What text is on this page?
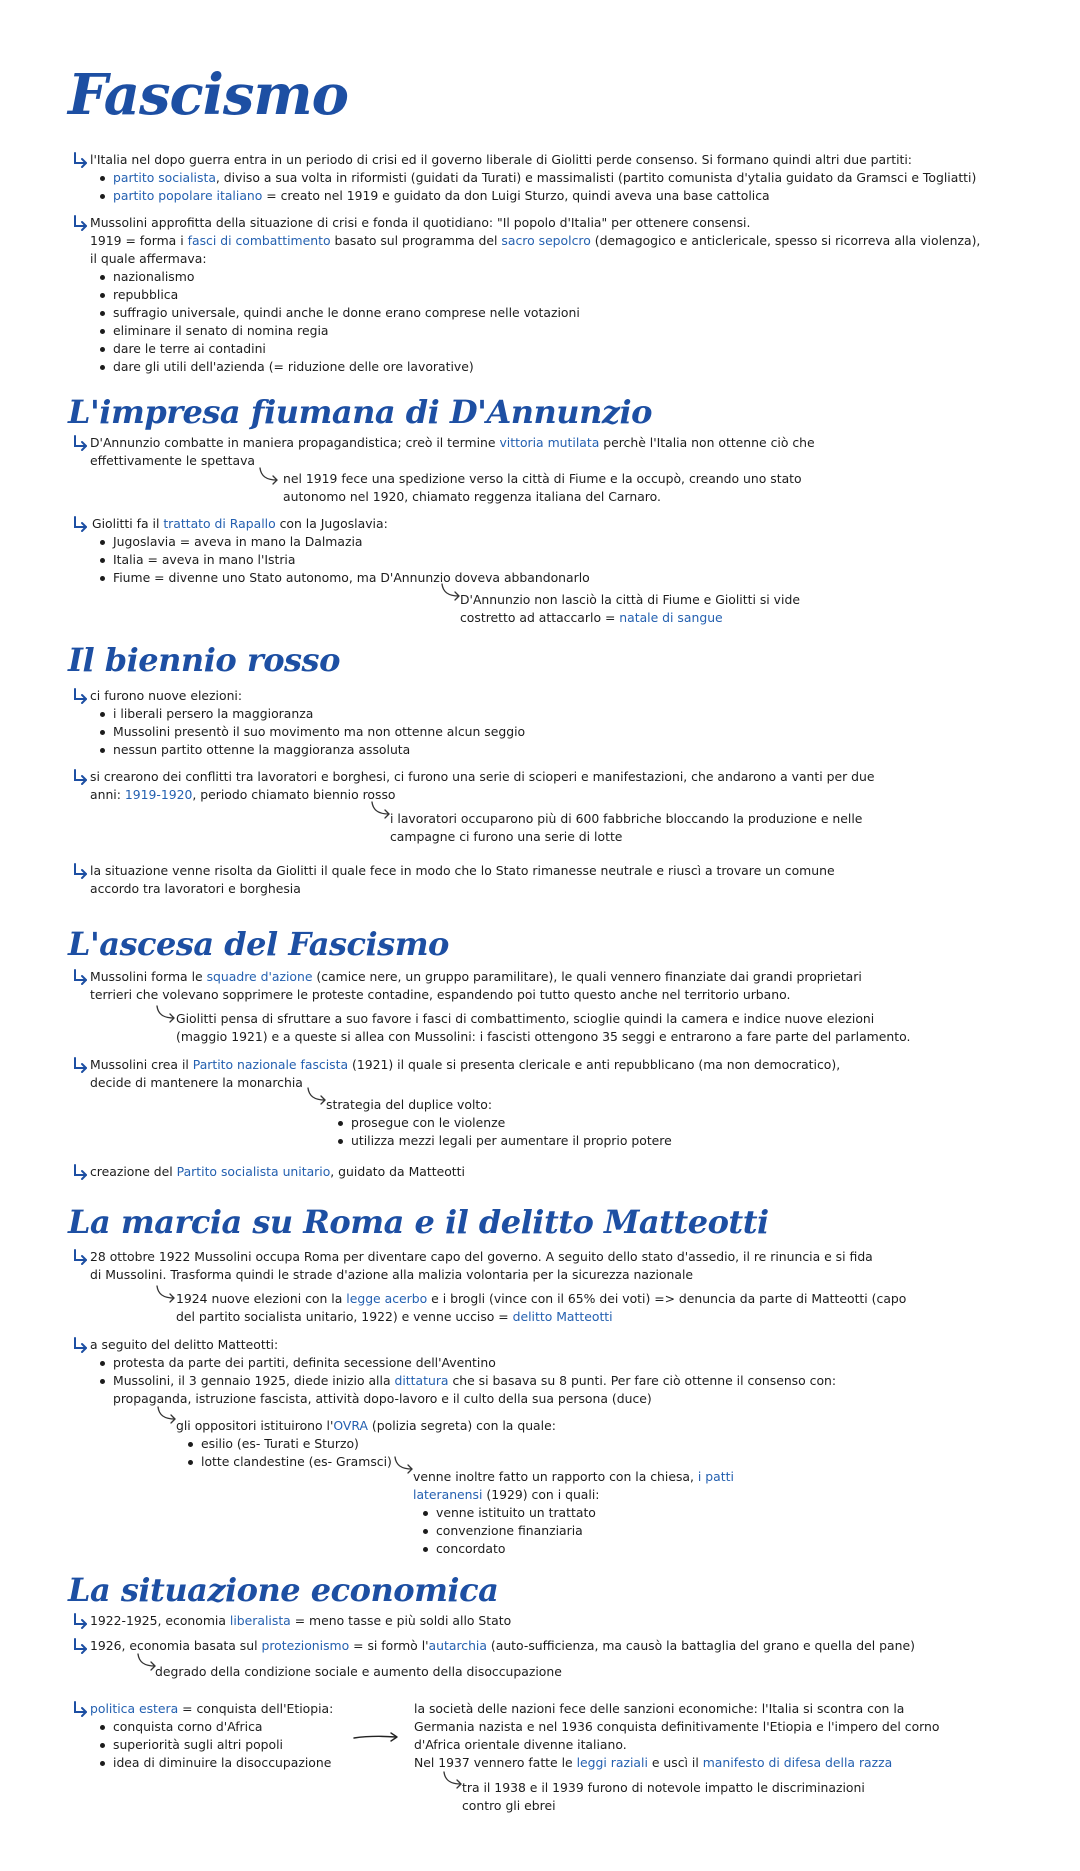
Fascismo
l'Italia nel dopo guerra entra in un periodo di crisi ed il governo liberale di Giolitti perde consenso. Si formano quindi altri due partiti:
partito socialista, diviso a sua volta in riformisti (guidati da Turati) e massimalisti (partito comunista d'ytalia guidato da Gramsci e Togliatti)
partito popolare italiano = creato nel 1919 e guidato da don Luigi Sturzo, quindi aveva una base cattolica
Mussolini approfitta della situazione di crisi e fonda il quotidiano: "Il popolo d'Italia" per ottenere consensi.
1919 = forma i fasci di combattimento basato sul programma del sacro sepolcro (demagogico e anticlericale, spesso si ricorreva alla violenza),
il quale affermava:
nazionalismo
repubblica
suffragio universale, quindi anche le donne erano comprese nelle votazioni
eliminare il senato di nomina regia
dare le terre ai contadini
dare gli utili dell'azienda (= riduzione delle ore lavorative)
L'impresa fiumana di D'Annunzio
D'Annunzio combatte in maniera propagandistica; creò il termine vittoria mutilata perchè l'Italia non ottenne ciò che
effettivamente le spettava
nel 1919 fece una spedizione verso la città di Fiume e la occupò, creando uno stato
autonomo nel 1920, chiamato reggenza italiana del Carnaro.
Giolitti fa il trattato di Rapallo con la Jugoslavia:
Jugoslavia = aveva in mano la Dalmazia
Italia = aveva in mano l'Istria
Fiume = divenne uno Stato autonomo, ma D'Annunzio doveva abbandonarlo
D'Annunzio non lasciò la città di Fiume e Giolitti si vide
costretto ad attaccarlo = natale di sangue
Il biennio rosso
ci furono nuove elezioni:
i liberali persero la maggioranza
Mussolini presentò il suo movimento ma non ottenne alcun seggio
nessun partito ottenne la maggioranza assoluta
si crearono dei conflitti tra lavoratori e borghesi, ci furono una serie di scioperi e manifestazioni, che andarono a vanti per due
anni: 1919-1920, periodo chiamato biennio rosso
i lavoratori occuparono più di 600 fabbriche bloccando la produzione e nelle
campagne ci furono una serie di lotte
la situazione venne risolta da Giolitti il quale fece in modo che lo Stato rimanesse neutrale e riuscì a trovare un comune
accordo tra lavoratori e borghesia
L'ascesa del Fascismo
Mussolini forma le squadre d'azione (camice nere, un gruppo paramilitare), le quali vennero finanziate dai grandi proprietari
terrieri che volevano sopprimere le proteste contadine, espandendo poi tutto questo anche nel territorio urbano.
Giolitti pensa di sfruttare a suo favore i fasci di combattimento, scioglie quindi la camera e indice nuove elezioni
(maggio 1921) e a queste si allea con Mussolini: i fascisti ottengono 35 seggi e entrarono a fare parte del parlamento.
Mussolini crea il Partito nazionale fascista (1921) il quale si presenta clericale e anti repubblicano (ma non democratico),
decide di mantenere la monarchia
strategia del duplice volto:
prosegue con le violenze
utilizza mezzi legali per aumentare il proprio potere
creazione del Partito socialista unitario, guidato da Matteotti
La marcia su Roma e il delitto Matteotti
28 ottobre 1922 Mussolini occupa Roma per diventare capo del governo. A seguito dello stato d'assedio, il re rinuncia e si fida
di Mussolini. Trasforma quindi le strade d'azione alla malizia volontaria per la sicurezza nazionale
1924 nuove elezioni con la legge acerbo e i brogli (vince con il 65% dei voti) => denuncia da parte di Matteotti (capo
del partito socialista unitario, 1922) e venne ucciso = delitto Matteotti
a seguito del delitto Matteotti:
protesta da parte dei partiti, definita secessione dell'Aventino
Mussolini, il 3 gennaio 1925, diede inizio alla dittatura che si basava su 8 punti. Per fare ciò ottenne il consenso con:
propaganda, istruzione fascista, attività dopo-lavoro e il culto della sua persona (duce)
gli oppositori istituirono l'OVRA (polizia segreta) con la quale:
esilio (es- Turati e Sturzo)
lotte clandestine (es- Gramsci)
venne inoltre fatto un rapporto con la chiesa, i patti
lateranensi (1929) con i quali:
venne istituito un trattato
convenzione finanziaria
concordato
La situazione economica
1922-1925, economia liberalista = meno tasse e più soldi allo Stato
1926, economia basata sul protezionismo = si formò l'autarchia (auto-sufficienza, ma causò la battaglia del grano e quella del pane)
degrado della condizione sociale e aumento della disoccupazione
politica estera = conquista dell'Etiopia:
conquista corno d'Africa
superiorità sugli altri popoli
idea di diminuire la disoccupazione
la società delle nazioni fece delle sanzioni economiche: l'Italia si scontra con la
Germania nazista e nel 1936 conquista definitivamente l'Etiopia e l'impero del corno
d'Africa orientale divenne italiano.
Nel 1937 vennero fatte le leggi raziali e uscì il manifesto di difesa della razza
tra il 1938 e il 1939 furono di notevole impatto le discriminazioni
contro gli ebrei
